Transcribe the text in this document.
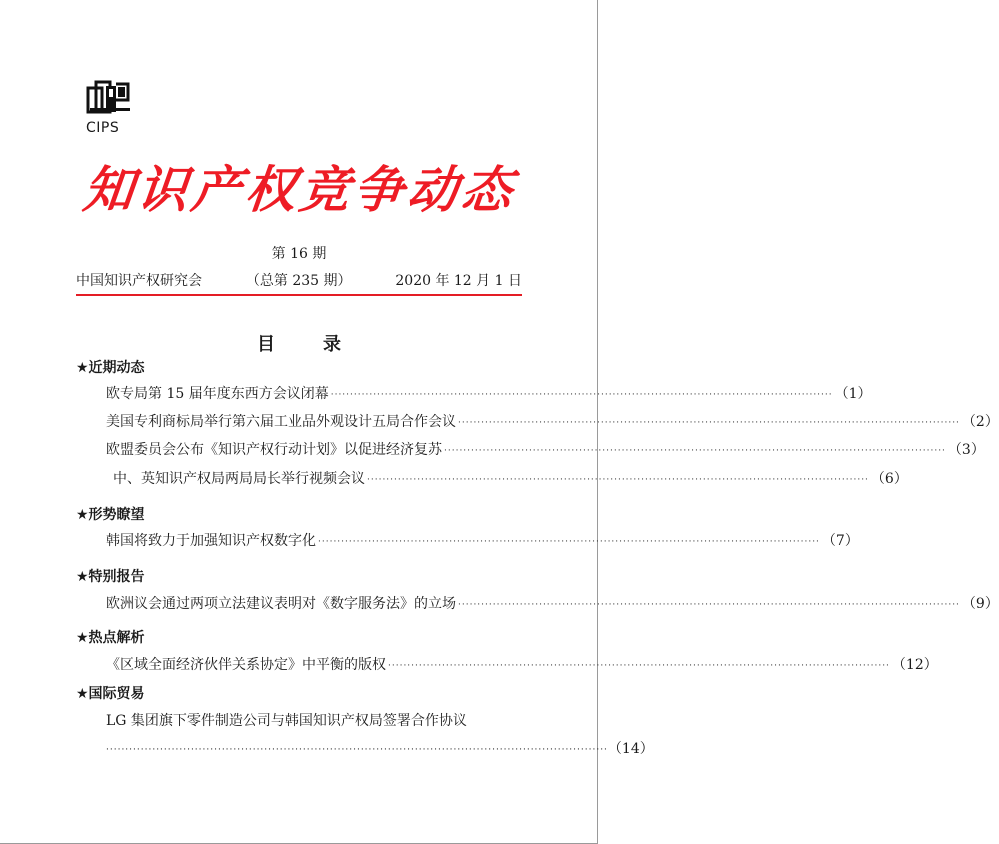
CIPS
知识产权竞争动态
第 16 期
中国知识产权研究会	（总第 235 期）	2020 年 12 月 1 日
目	录
★近期动态
欧专局第 15 届年度东西方会议闭幕 ·································································································································· （1）
美国专利商标局举行第六届工业品外观设计五局合作会议 ·································································································································· （2）
欧盟委员会公布《知识产权行动计划》以促进经济复苏 ·································································································································· （3）
中、英知识产权局两局局长举行视频会议 ·································································································································· （6）
★形势瞭望
韩国将致力于加强知识产权数字化 ·································································································································· （7）
★特别报告
欧洲议会通过两项立法建议表明对《数字服务法》的立场 ·································································································································· （9）
★热点解析
《区域全面经济伙伴关系协定》中平衡的版权 ·································································································································· （12）
★国际贸易
LG 集团旗下零件制造公司与韩国知识产权局签署合作协议
·································································································································· （14）
